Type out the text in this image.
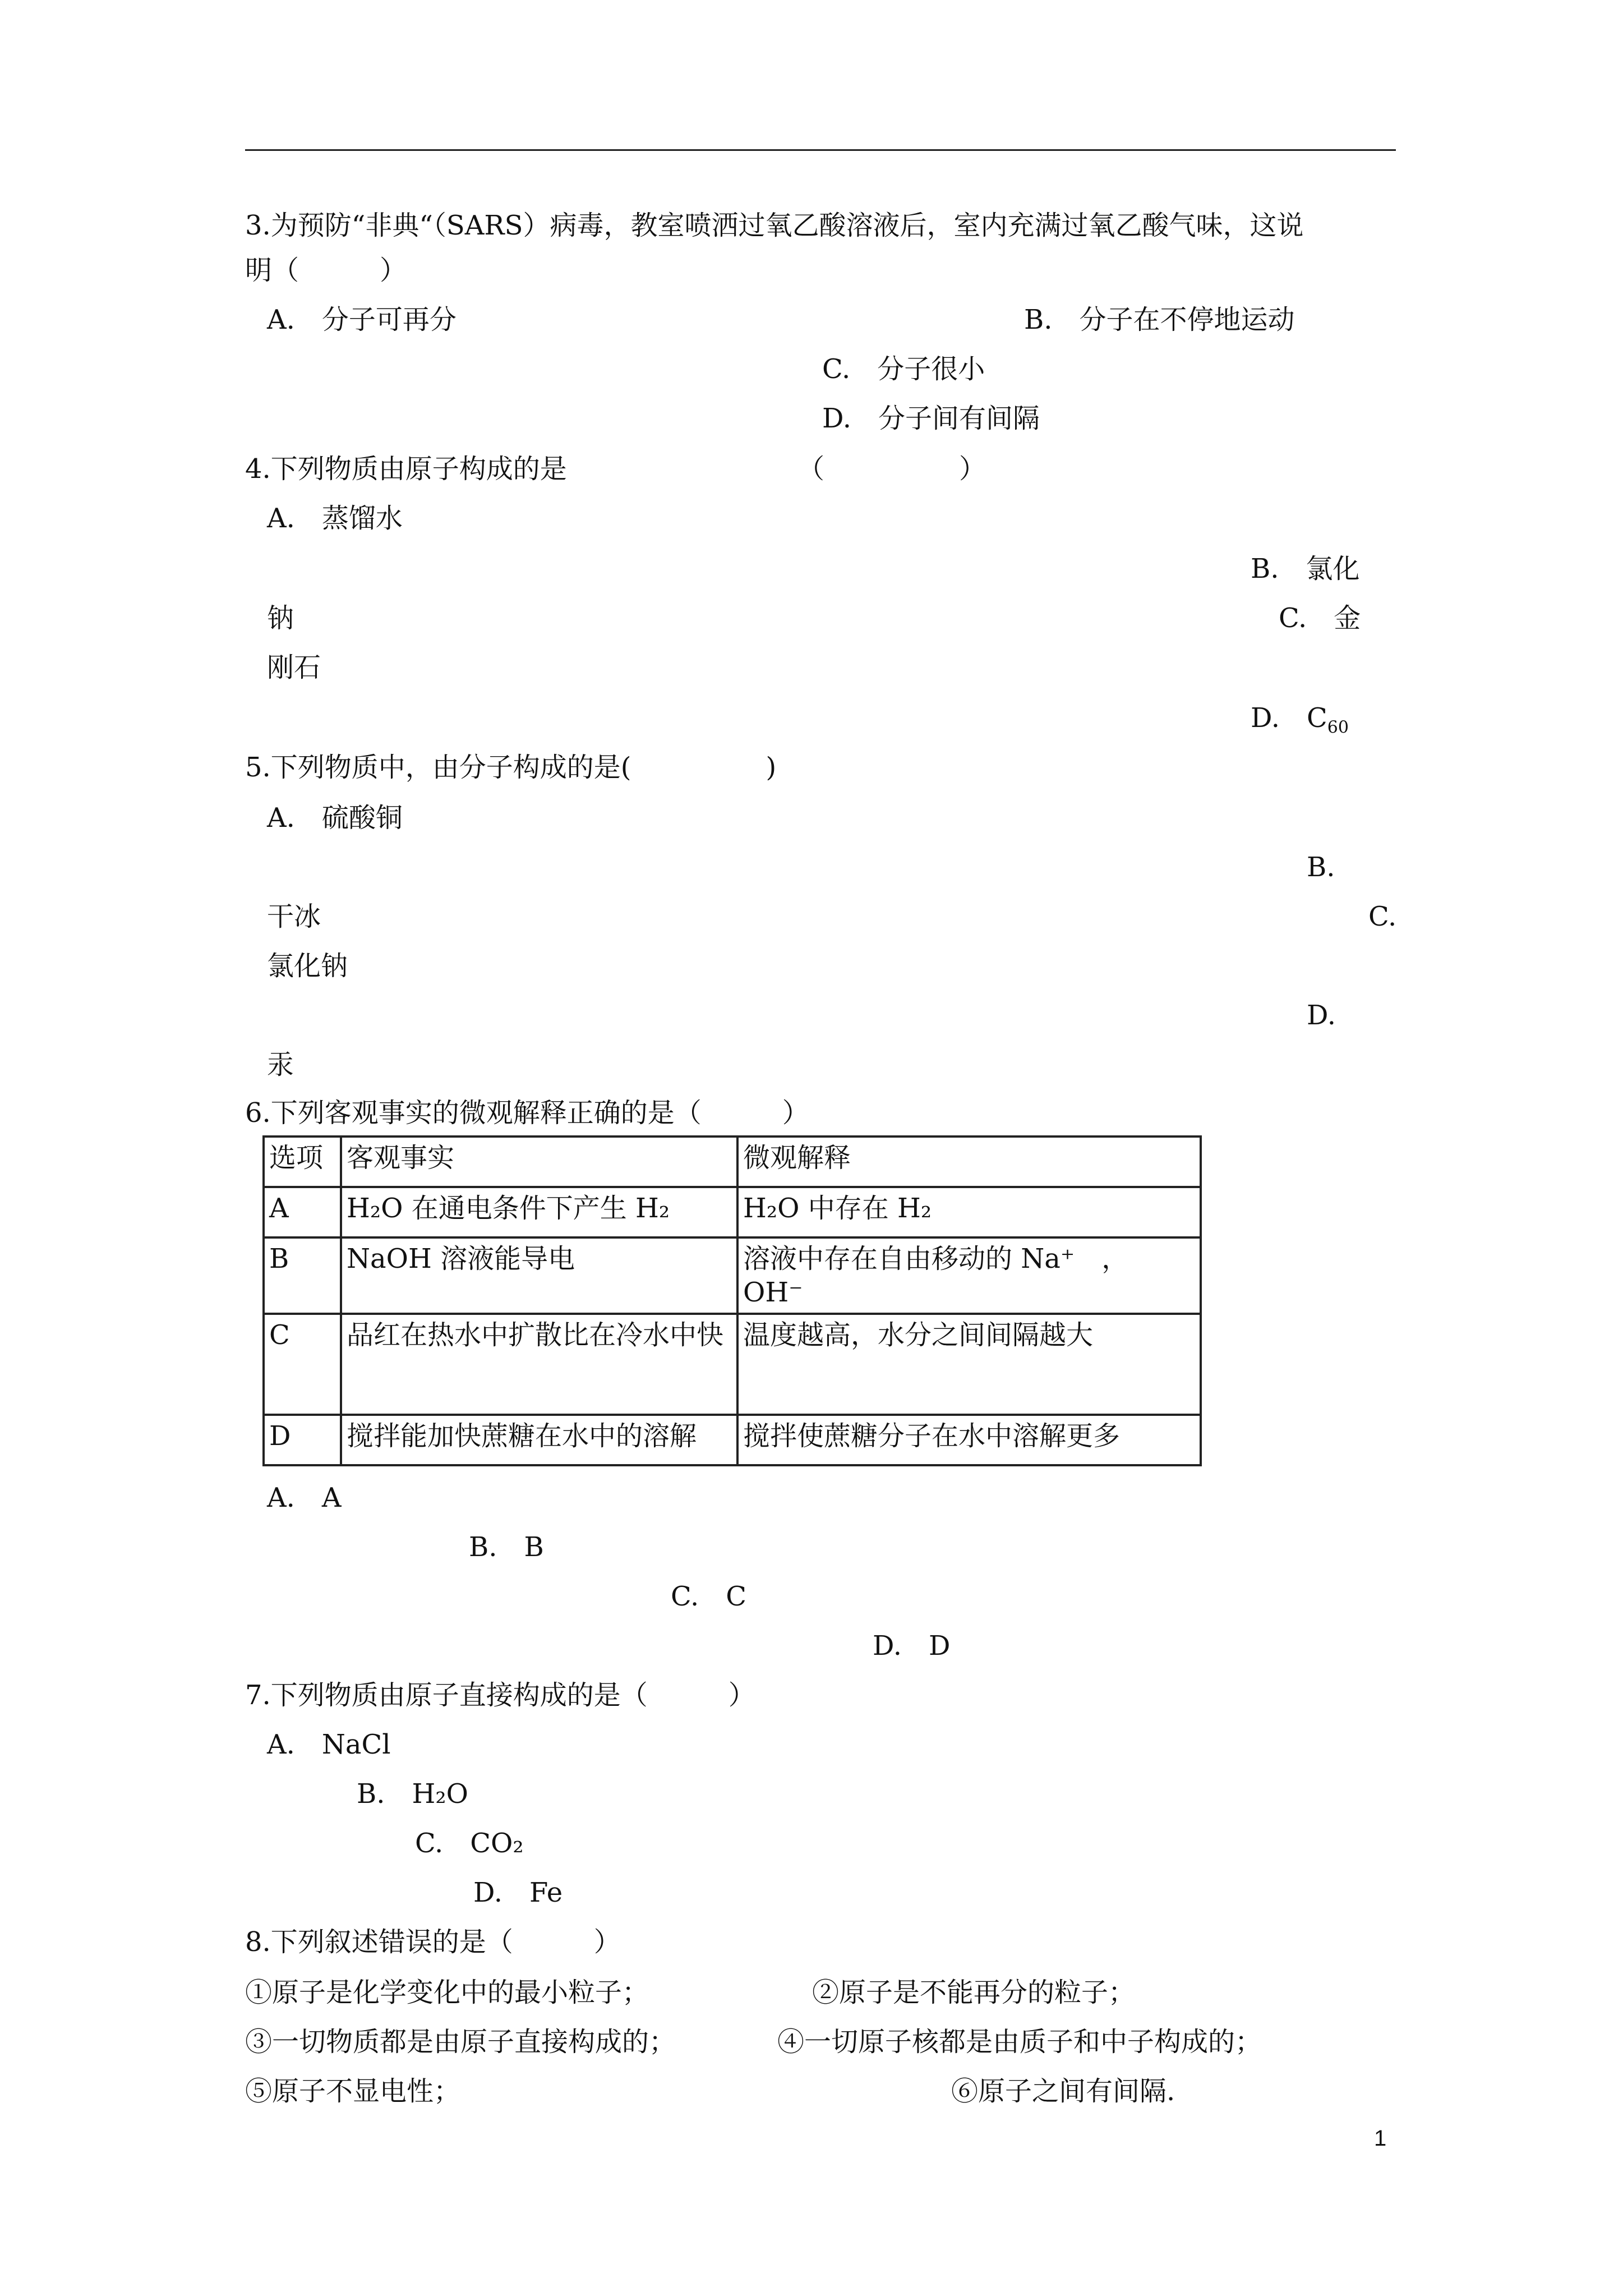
3.为预防“非典“（SARS）病毒，教室喷洒过氧乙酸溶液后，室内充满过氧乙酸气味，这说
明（　　　）
A.　分子可再分	B.　分子在不停地运动
C.　分子很小
D.　分子间有间隔
4.下列物质由原子构成的是	（　　　　　）
A.　蒸馏水
B.　氯化
钠	C.　金
刚石
D.　$C_{60}$
5.下列物质中，由分子构成的是(　　　　　)
A.　硫酸铜
B.
干冰	C.
氯化钠
D.
汞
6.下列客观事实的微观解释正确的是（　　　）
选项	客观事实	微观解释
A	H₂O 在通电条件下产生 H₂	H₂O 中存在 H₂
B	NaOH 溶液能导电	溶液中存在自由移动的 Na⁺　，　OH⁻
C	品红在热水中扩散比在冷水中快	温度越高，水分之间间隔越大
D	搅拌能加快蔗糖在水中的溶解	搅拌使蔗糖分子在水中溶解更多
A.　A
B.　B
C.　C
D.　D
7.下列物质由原子直接构成的是（　　　）
A.　NaCl
B.　H₂O
C.　CO₂
D.　Fe
8.下列叙述错误的是（　　　）
①原子是化学变化中的最小粒子；	②原子是不能再分的粒子；
③一切物质都是由原子直接构成的；	④一切原子核都是由质子和中子构成的；
⑤原子不显电性；	⑥原子之间有间隔.
1
